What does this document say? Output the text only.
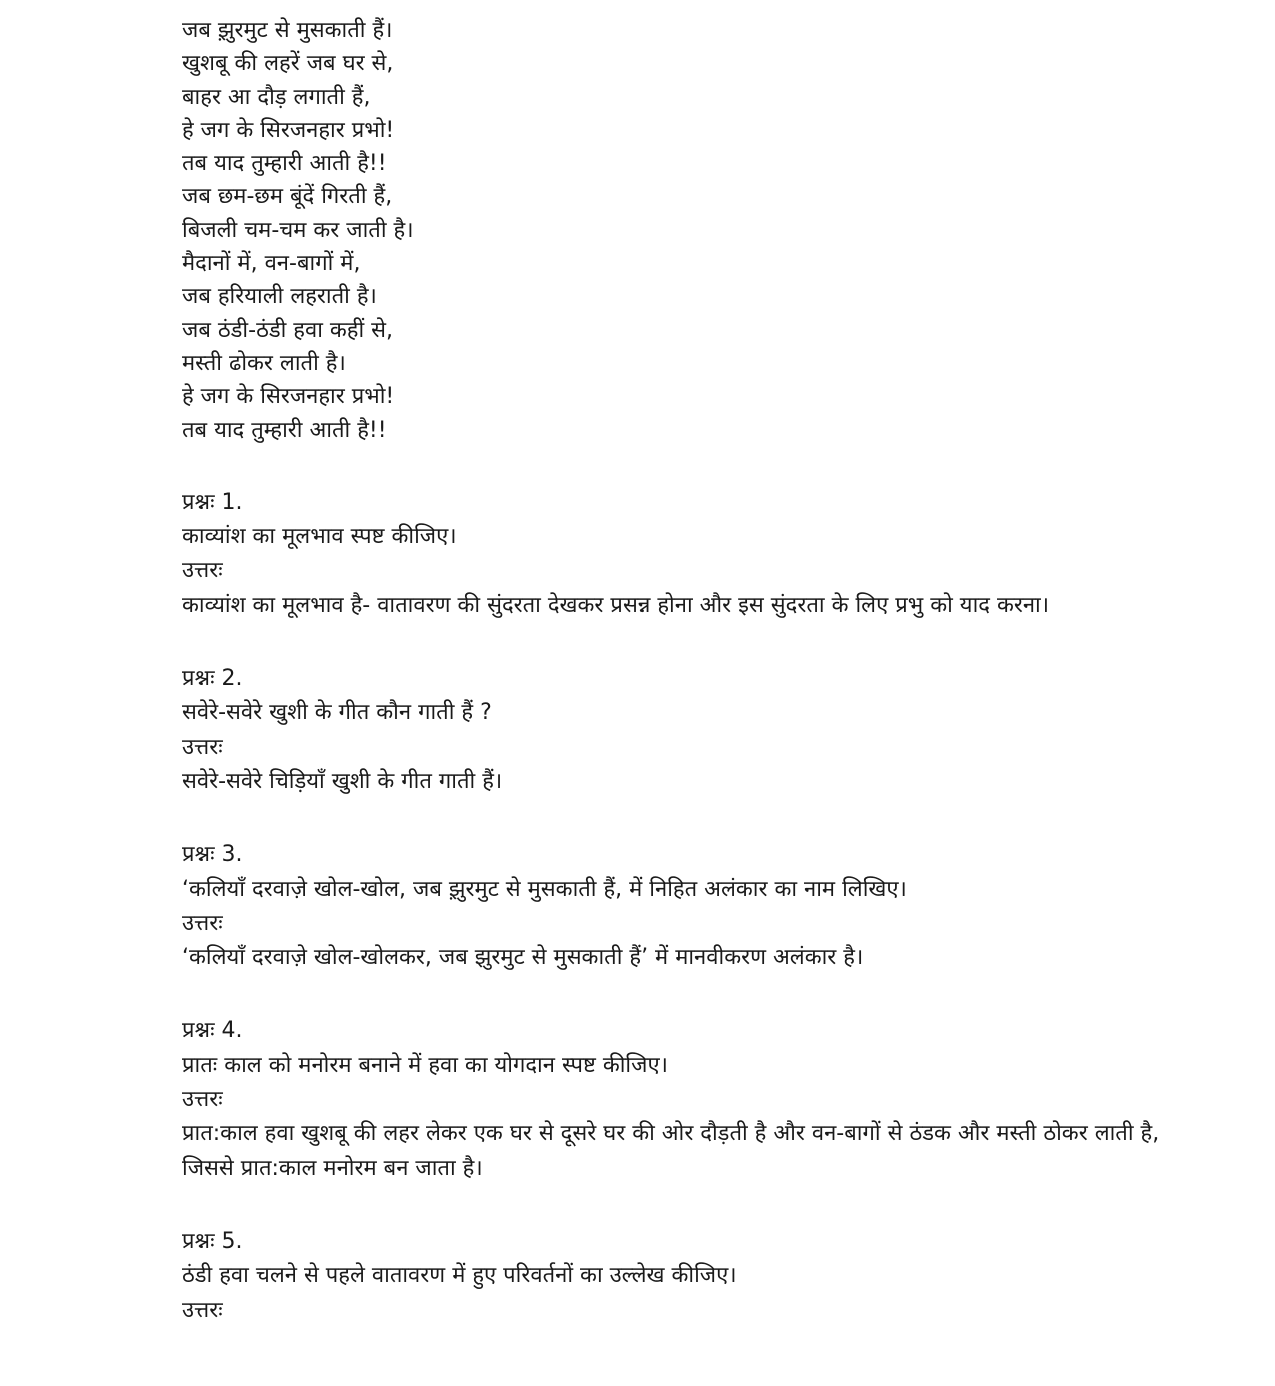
जब झ़ुरमुट से मुसकाती हैं।
खुशबू की लहरें जब घर से,
बाहर आ दौड़ लगाती हैं,
हे जग के सिरजनहार प्रभो!
तब याद तुम्हारी आती है!!
जब छम-छम बूंदें गिरती हैं,
बिजली चम-चम कर जाती है।
मैदानों में, वन-बागों में,
जब हरियाली लहराती है।
जब ठंडी-ठंडी हवा कहीं से,
मस्ती ढोकर लाती है।
हे जग के सिरजनहार प्रभो!
तब याद तुम्हारी आती है!!
प्रश्नः 1.
काव्यांश का मूलभाव स्पष्ट कीजिए।
उत्तरः
काव्यांश का मूलभाव है- वातावरण की सुंदरता देखकर प्रसन्न होना और इस सुंदरता के लिए प्रभु को याद करना।
प्रश्नः 2.
सवेरे-सवेरे खुशी के गीत कौन गाती हैं ?
उत्तरः
सवेरे-सवेरे चिड़ियाँ खुशी के गीत गाती हैं।
प्रश्नः 3.
‘कलियाँ दरवाज़े खोल-खोल, जब झ़ुरमुट से मुसकाती हैं, में निहित अलंकार का नाम लिखिए।
उत्तरः
‘कलियाँ दरवाज़े खोल-खोलकर, जब झुरमुट से मुसकाती हैं’ में मानवीकरण अलंकार है।
प्रश्नः 4.
प्रातः काल को मनोरम बनाने में हवा का योगदान स्पष्ट कीजिए।
उत्तरः
प्रात:काल हवा खुशबू की लहर लेकर एक घर से दूसरे घर की ओर दौड़ती है और वन-बागों से ठंडक और मस्ती ठोकर लाती है, जिससे प्रात:काल मनोरम बन जाता है।
प्रश्नः 5.
ठंडी हवा चलने से पहले वातावरण में हुए परिवर्तनों का उल्लेख कीजिए।
उत्तरः
